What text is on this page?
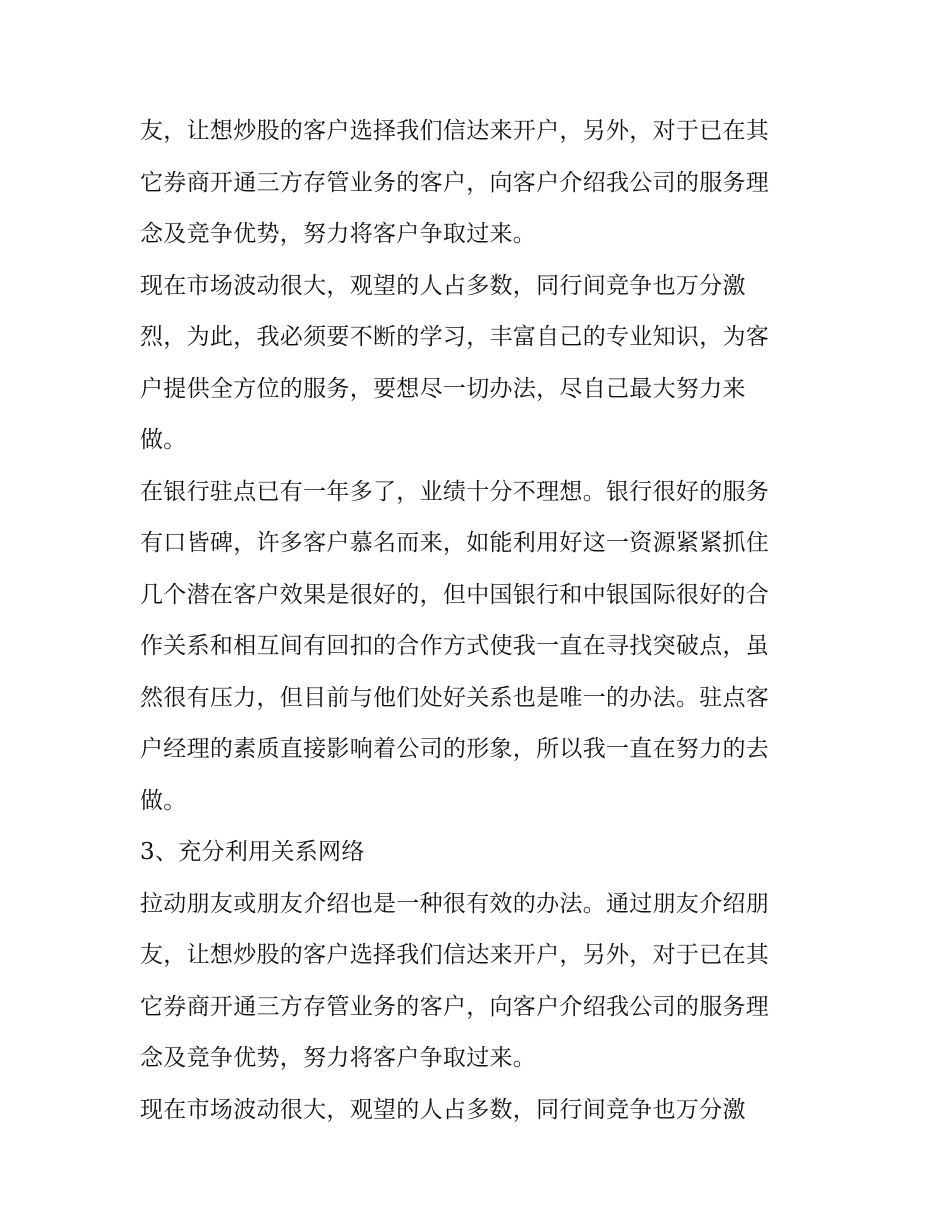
友，让想炒股的客户选择我们信达来开户，另外，对于已在其
它券商开通三方存管业务的客户，向客户介绍我公司的服务理
念及竞争优势，努力将客户争取过来。
现在市场波动很大，观望的人占多数，同行间竞争也万分激
烈，为此，我必须要不断的学习，丰富自己的专业知识，为客
户提供全方位的服务，要想尽一切办法，尽自己最大努力来
做。
在银行驻点已有一年多了，业绩十分不理想。银行很好的服务
有口皆碑，许多客户慕名而来，如能利用好这一资源紧紧抓住
几个潜在客户效果是很好的，但中国银行和中银国际很好的合
作关系和相互间有回扣的合作方式使我一直在寻找突破点，虽
然很有压力，但目前与他们处好关系也是唯一的办法。驻点客
户经理的素质直接影响着公司的形象，所以我一直在努力的去
做。
3、充分利用关系网络
拉动朋友或朋友介绍也是一种很有效的办法。通过朋友介绍朋
友，让想炒股的客户选择我们信达来开户，另外，对于已在其
它券商开通三方存管业务的客户，向客户介绍我公司的服务理
念及竞争优势，努力将客户争取过来。
现在市场波动很大，观望的人占多数，同行间竞争也万分激
